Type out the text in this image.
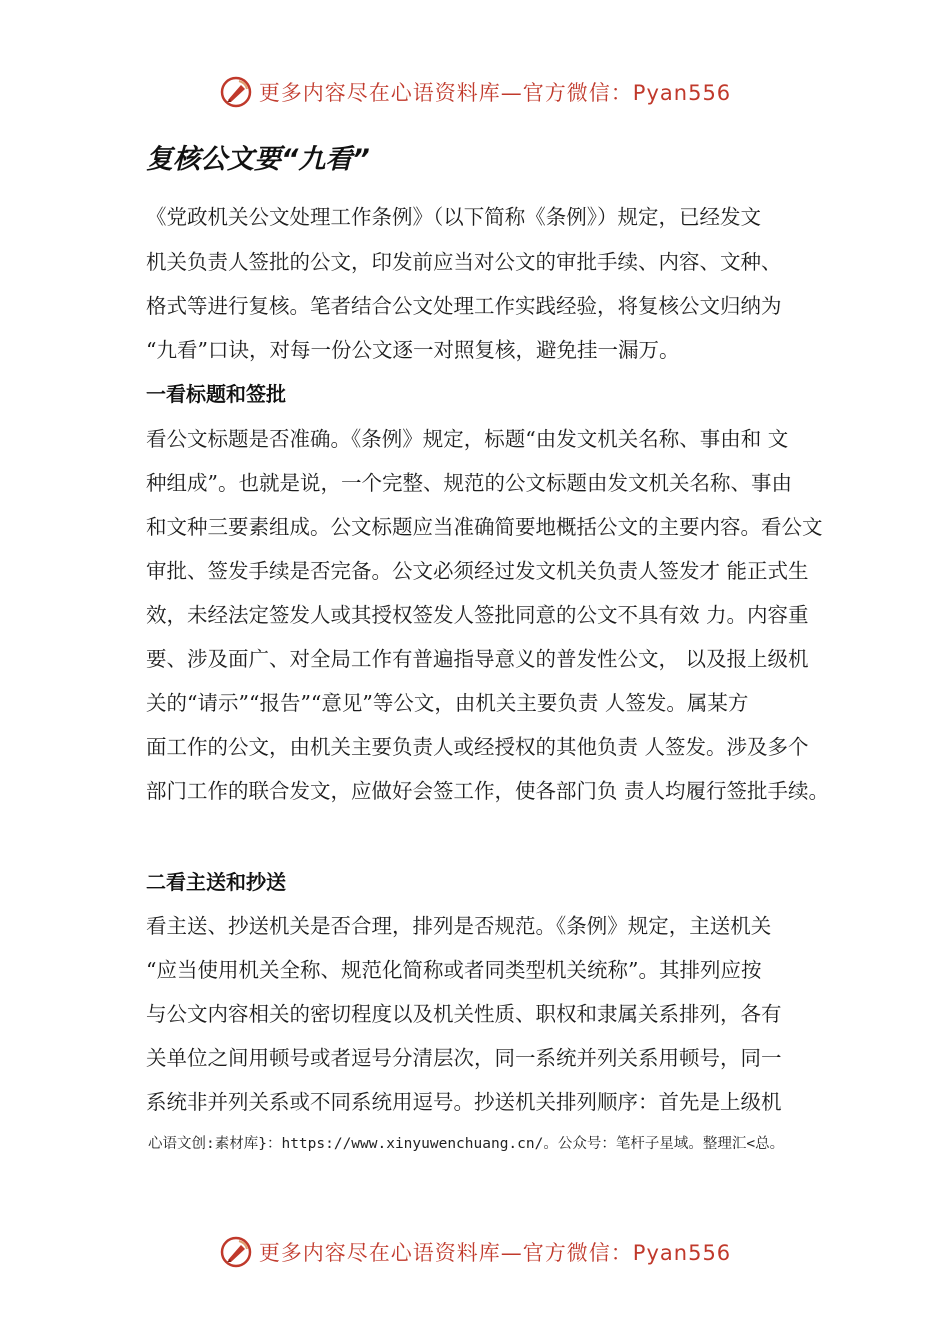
更多内容尽在心语资料库—官方微信：Pyan556
复核公文要“九看”
《党政机关公文处理工作条例》（以下简称《条例》）规定，已经发文
机关负责人签批的公文，印发前应当对公文的审批手续、内容、文种、
格式等进行复核。笔者结合公文处理工作实践经验，将复核公文归纳为
“九看”口诀，对每一份公文逐一对照复核，避免挂一漏万。
一看标题和签批
看公文标题是否准确。《条例》规定，标题“由发文机关名称、事由和 文
种组成”。也就是说，一个完整、规范的公文标题由发文机关名称、事由
和文种三要素组成。公文标题应当准确简要地概括公文的主要内容。看公文
审批、签发手续是否完备。公文必须经过发文机关负责人签发才 能正式生
效，未经法定签发人或其授权签发人签批同意的公文不具有效 力。内容重
要、涉及面广、对全局工作有普遍指导意义的普发性公文， 以及报上级机
关的“请示”“报告”“意见”等公文，由机关主要负责 人签发。属某方
面工作的公文，由机关主要负责人或经授权的其他负责 人签发。涉及多个
部门工作的联合发文，应做好会签工作，使各部门负 责人均履行签批手续。
二看主送和抄送
看主送、抄送机关是否合理，排列是否规范。《条例》规定，主送机关
“应当使用机关全称、规范化简称或者同类型机关统称”。其排列应按
与公文内容相关的密切程度以及机关性质、职权和隶属关系排列，各有
关单位之间用顿号或者逗号分清层次，同一系统并列关系用顿号，同一
系统非并列关系或不同系统用逗号。抄送机关排列顺序：首先是上级机
心语文创:素材库}：https://www.xinyuwenchuang.cn/。公众号：笔杆子星域。整理汇<总。
更多内容尽在心语资料库—官方微信：Pyan556
